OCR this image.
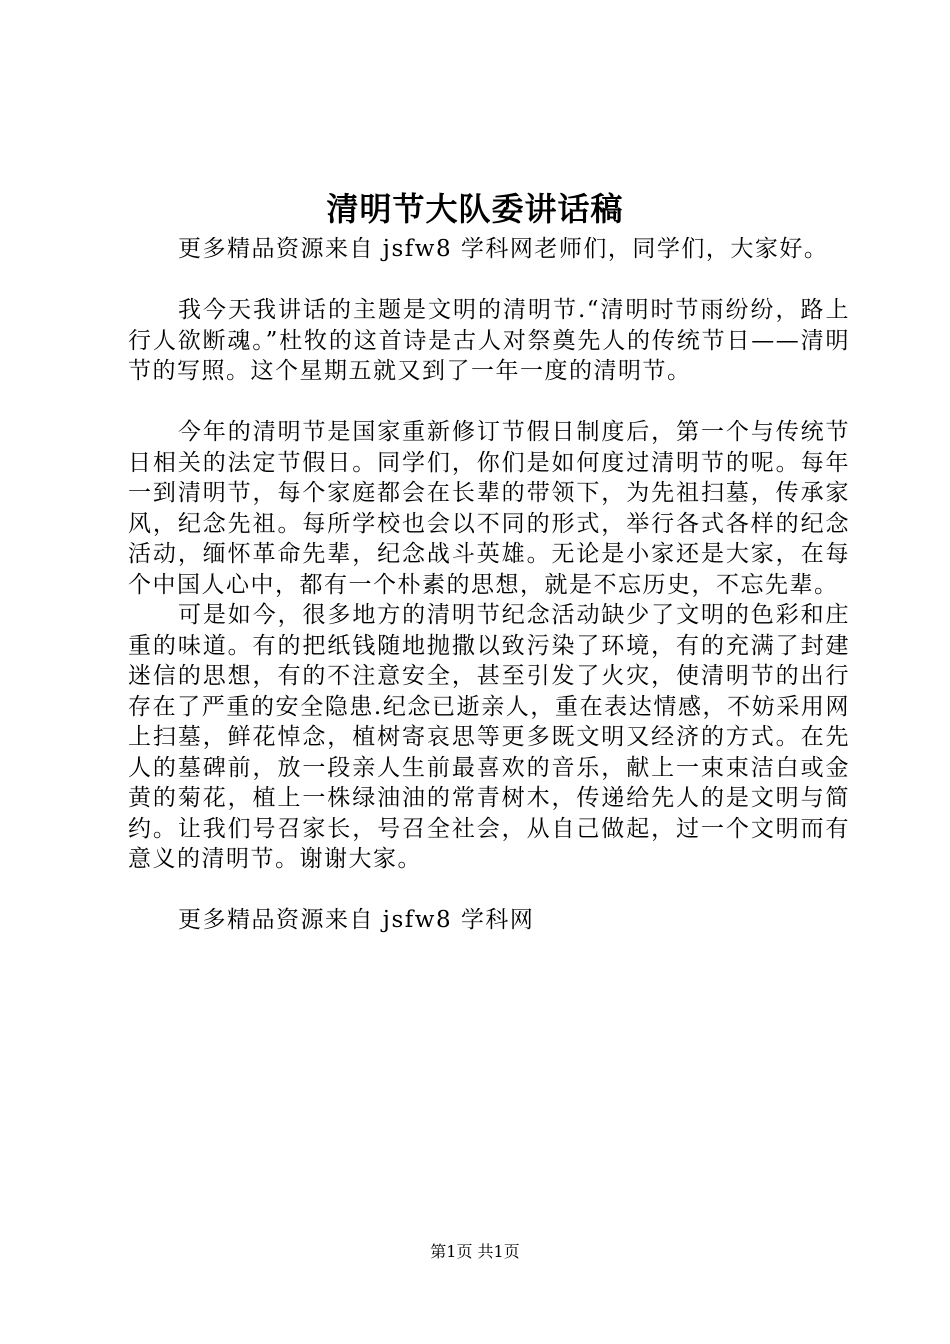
清明节大队委讲话稿

更多精品资源来自 jsfw8 学科网老师们，同学们，大家好。

我今天我讲话的主题是文明的清明节.“清明时节雨纷纷，路上行人欲断魂。”杜牧的这首诗是古人对祭奠先人的传统节日——清明节的写照。这个星期五就又到了一年一度的清明节。

今年的清明节是国家重新修订节假日制度后，第一个与传统节日相关的法定节假日。同学们，你们是如何度过清明节的呢。每年一到清明节，每个家庭都会在长辈的带领下，为先祖扫墓，传承家风，纪念先祖。每所学校也会以不同的形式，举行各式各样的纪念活动，缅怀革命先辈，纪念战斗英雄。无论是小家还是大家，在每个中国人心中，都有一个朴素的思想，就是不忘历史，不忘先辈。

可是如今，很多地方的清明节纪念活动缺少了文明的色彩和庄重的味道。有的把纸钱随地抛撒以致污染了环境，有的充满了封建迷信的思想，有的不注意安全，甚至引发了火灾，使清明节的出行存在了严重的安全隐患.纪念已逝亲人，重在表达情感，不妨采用网上扫墓，鲜花悼念，植树寄哀思等更多既文明又经济的方式。在先人的墓碑前，放一段亲人生前最喜欢的音乐，献上一束束洁白或金黄的菊花，植上一株绿油油的常青树木，传递给先人的是文明与简约。让我们号召家长，号召全社会，从自己做起，过一个文明而有意义的清明节。谢谢大家。

更多精品资源来自 jsfw8 学科网

第1页 共1页
